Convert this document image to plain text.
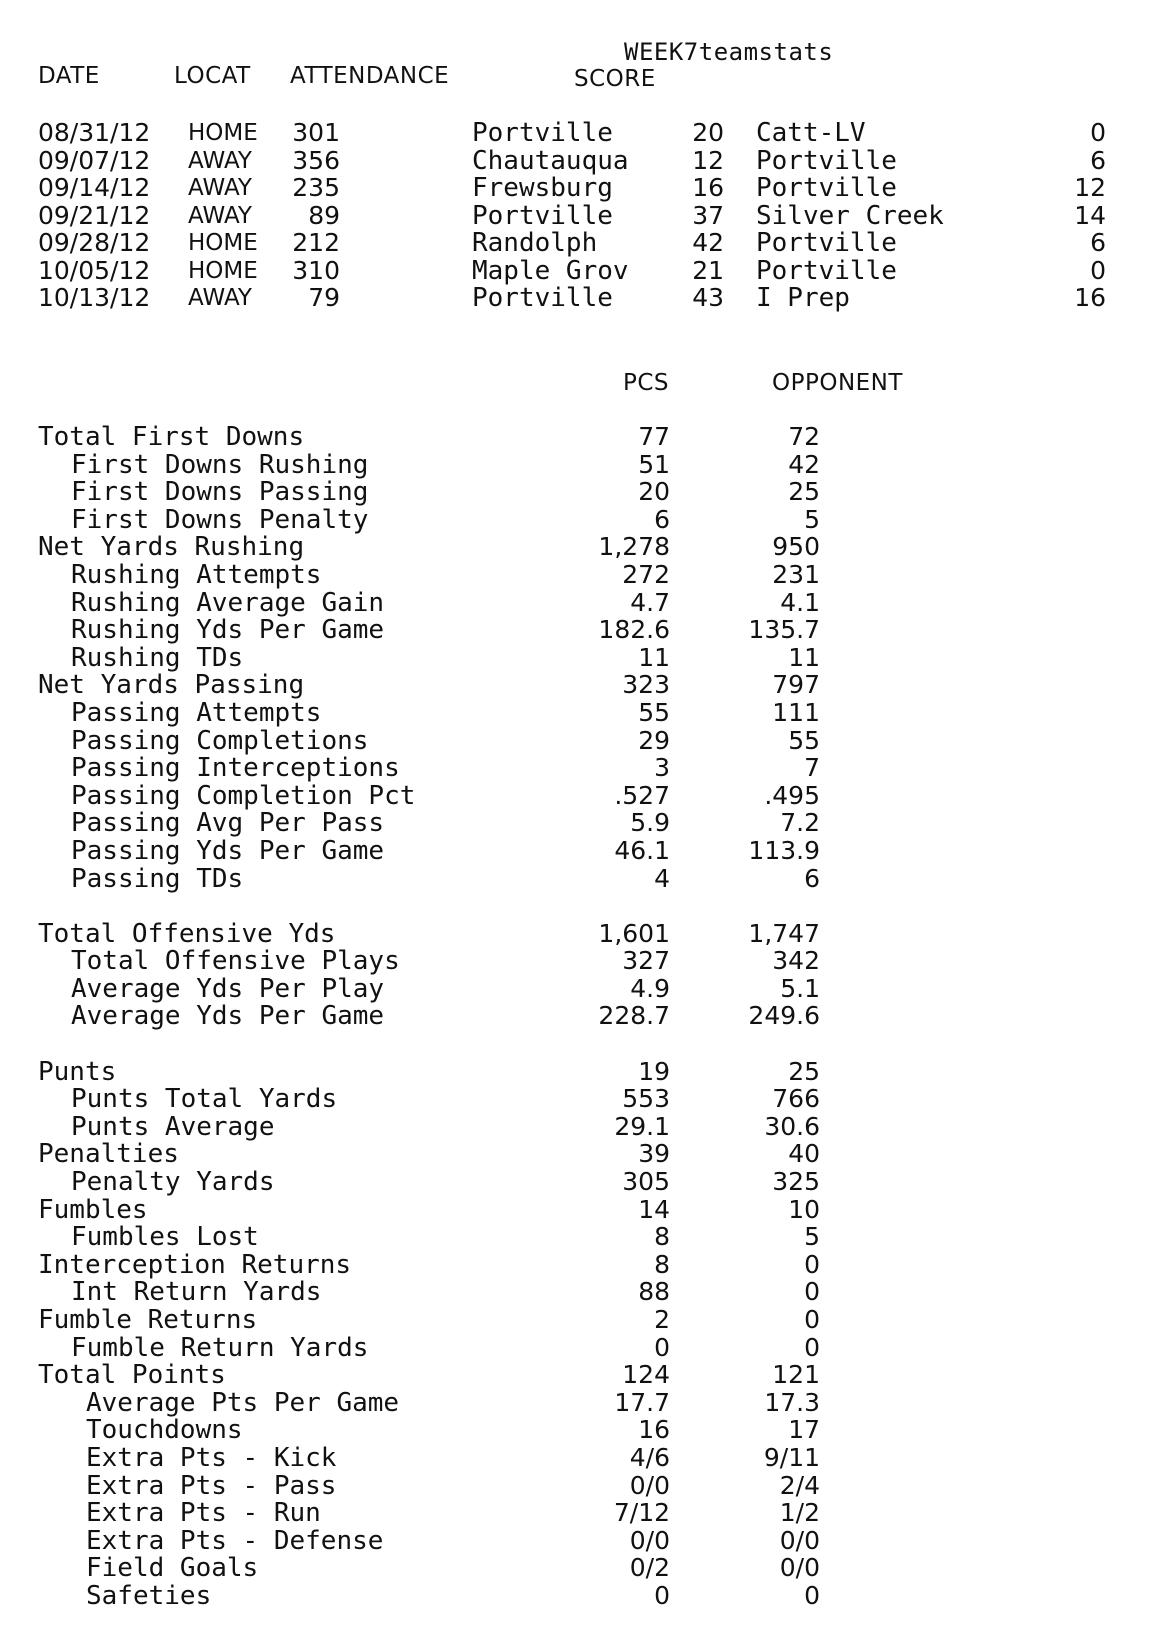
WEEK7teamstats
DATE	LOCAT ATTENDANCE	SCORE
08/31/12 HOME 301	Portville	20 Catt-LV	0
09/07/12 AWAY 356	Chautauqua	12 Portville	6
09/14/12 AWAY 235	Frewsburg	16 Portville	12
09/21/12 AWAY	89	Portville	37 Silver Creek	14
09/28/12 HOME 212	Randolph	42 Portville	6
10/05/12 HOME 310	Maple Grov	21 Portville	0
10/13/12 AWAY	79	Portville	43 I Prep	16
PCS	OPPONENT
Total First Downs	77	72
First Downs Rushing	51	42
First Downs Passing	20	25
First Downs Penalty	6	5
Net Yards Rushing	1,278	950
Rushing Attempts	272	231
Rushing Average Gain	4.7	4.1
Rushing Yds Per Game	182.6	135.7
Rushing TDs	11	11
Net Yards Passing	323	797
Passing Attempts	55	111
Passing Completions	29	55
Passing Interceptions	3	7
Passing Completion Pct	.527	.495
Passing Avg Per Pass	5.9	7.2
Passing Yds Per Game	46.1	113.9
Passing TDs	4	6
Total Offensive Yds	1,601	1,747
Total Offensive Plays	327	342
Average Yds Per Play	4.9	5.1
Average Yds Per Game	228.7	249.6
Punts	19	25
Punts Total Yards	553	766
Punts Average	29.1	30.6
Penalties	39	40
Penalty Yards	305	325
Fumbles	14	10
Fumbles Lost	8	5
Interception Returns	8	0
Int Return Yards	88	0
Fumble Returns	2	0
Fumble Return Yards	0	0
Total Points	124	121
Average Pts Per Game	17.7	17.3
Touchdowns	16	17
Extra Pts - Kick	4/6	9/11
Extra Pts - Pass	0/0	2/4
Extra Pts - Run	7/12	1/2
Extra Pts - Defense	0/0	0/0
Field Goals	0/2	0/0
Safeties	0	0
